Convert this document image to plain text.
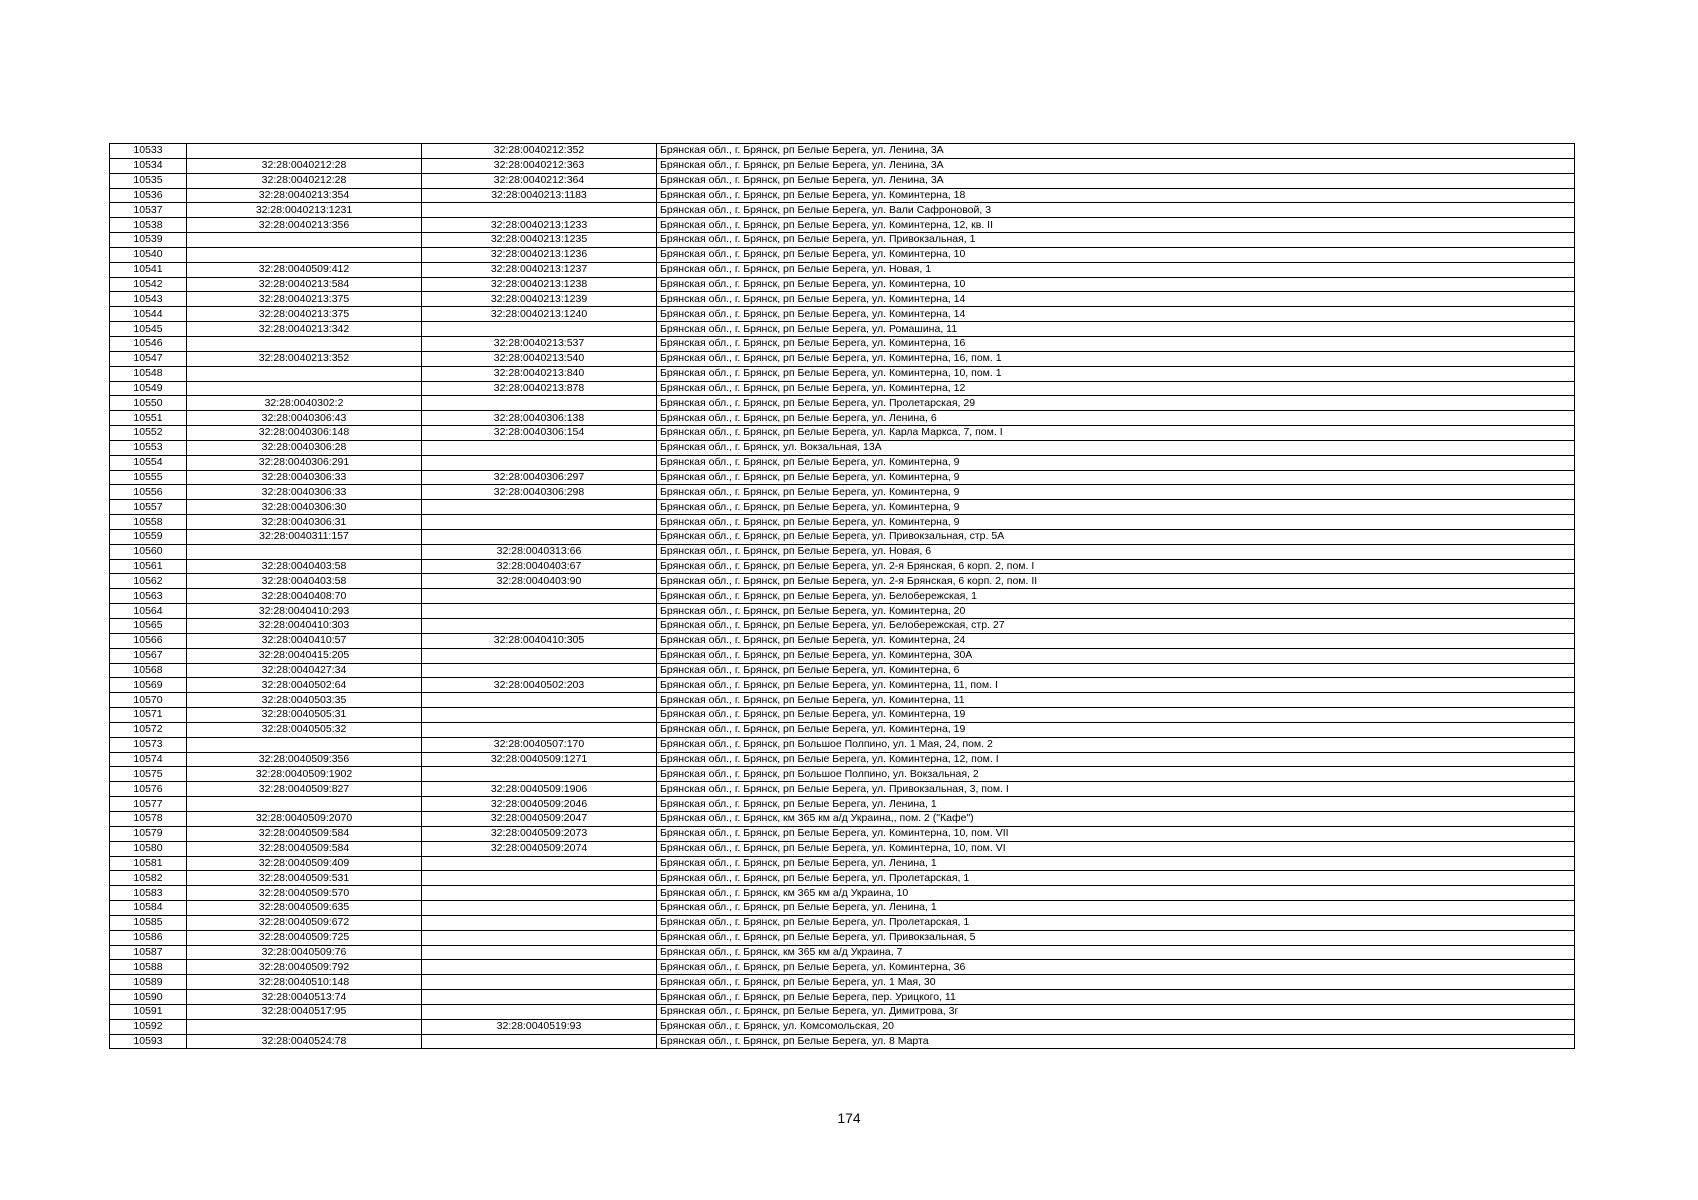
10533		32:28:0040212:352	Брянская обл., г. Брянск, рп Белые Берега, ул. Ленина, 3А
10534	32:28:0040212:28	32:28:0040212:363	Брянская обл., г. Брянск, рп Белые Берега, ул. Ленина, 3А
10535	32:28:0040212:28	32:28:0040212:364	Брянская обл., г. Брянск, рп Белые Берега, ул. Ленина, 3А
10536	32:28:0040213:354	32:28:0040213:1183	Брянская обл., г. Брянск, рп Белые Берега, ул. Коминтерна, 18
10537	32:28:0040213:1231		Брянская обл., г. Брянск, рп Белые Берега, ул. Вали Сафроновой, 3
10538	32:28:0040213:356	32:28:0040213:1233	Брянская обл., г. Брянск, рп Белые Берега, ул. Коминтерна, 12, кв. II
10539		32:28:0040213:1235	Брянская обл., г. Брянск, рп Белые Берега, ул. Привокзальная, 1
10540		32:28:0040213:1236	Брянская обл., г. Брянск, рп Белые Берега, ул. Коминтерна, 10
10541	32:28:0040509:412	32:28:0040213:1237	Брянская обл., г. Брянск, рп Белые Берега, ул. Новая, 1
10542	32:28:0040213:584	32:28:0040213:1238	Брянская обл., г. Брянск, рп Белые Берега, ул. Коминтерна, 10
10543	32:28:0040213:375	32:28:0040213:1239	Брянская обл., г. Брянск, рп Белые Берега, ул. Коминтерна, 14
10544	32:28:0040213:375	32:28:0040213:1240	Брянская обл., г. Брянск, рп Белые Берега, ул. Коминтерна, 14
10545	32:28:0040213:342		Брянская обл., г. Брянск, рп Белые Берега, ул. Ромашина, 11
10546		32:28:0040213:537	Брянская обл., г. Брянск, рп Белые Берега, ул. Коминтерна, 16
10547	32:28:0040213:352	32:28:0040213:540	Брянская обл., г. Брянск, рп Белые Берега, ул. Коминтерна, 16, пом. 1
10548		32:28:0040213:840	Брянская обл., г. Брянск, рп Белые Берега, ул. Коминтерна, 10, пом. 1
10549		32:28:0040213:878	Брянская обл., г. Брянск, рп Белые Берега, ул. Коминтерна, 12
10550	32:28:0040302:2		Брянская обл., г. Брянск, рп Белые Берега, ул. Пролетарская, 29
10551	32:28:0040306:43	32:28:0040306:138	Брянская обл., г. Брянск, рп Белые Берега, ул. Ленина, 6
10552	32:28:0040306:148	32:28:0040306:154	Брянская обл., г. Брянск, рп Белые Берега, ул. Карла Маркса, 7, пом. I
10553	32:28:0040306:28		Брянская обл., г. Брянск, ул. Вокзальная, 13А
10554	32:28:0040306:291		Брянская обл., г. Брянск, рп Белые Берега, ул. Коминтерна, 9
10555	32:28:0040306:33	32:28:0040306:297	Брянская обл., г. Брянск, рп Белые Берега, ул. Коминтерна, 9
10556	32:28:0040306:33	32:28:0040306:298	Брянская обл., г. Брянск, рп Белые Берега, ул. Коминтерна, 9
10557	32:28:0040306:30		Брянская обл., г. Брянск, рп Белые Берега, ул. Коминтерна, 9
10558	32:28:0040306:31		Брянская обл., г. Брянск, рп Белые Берега, ул. Коминтерна, 9
10559	32:28:0040311:157		Брянская обл., г. Брянск, рп Белые Берега, ул. Привокзальная, стр. 5А
10560		32:28:0040313:66	Брянская обл., г. Брянск, рп Белые Берега, ул. Новая, 6
10561	32:28:0040403:58	32:28:0040403:67	Брянская обл., г. Брянск, рп Белые Берега, ул. 2-я Брянская, 6 корп. 2, пом. I
10562	32:28:0040403:58	32:28:0040403:90	Брянская обл., г. Брянск, рп Белые Берега, ул. 2-я Брянская, 6 корп. 2, пом. II
10563	32:28:0040408:70		Брянская обл., г. Брянск, рп Белые Берега, ул. Белобережская, 1
10564	32:28:0040410:293		Брянская обл., г. Брянск, рп Белые Берега, ул. Коминтерна, 20
10565	32:28:0040410:303		Брянская обл., г. Брянск, рп Белые Берега, ул. Белобережская, стр. 27
10566	32:28:0040410:57	32:28:0040410:305	Брянская обл., г. Брянск, рп Белые Берега, ул. Коминтерна, 24
10567	32:28:0040415:205		Брянская обл., г. Брянск, рп Белые Берега, ул. Коминтерна, 30А
10568	32:28:0040427:34		Брянская обл., г. Брянск, рп Белые Берега, ул. Коминтерна, 6
10569	32:28:0040502:64	32:28:0040502:203	Брянская обл., г. Брянск, рп Белые Берега, ул. Коминтерна, 11, пом. I
10570	32:28:0040503:35		Брянская обл., г. Брянск, рп Белые Берега, ул. Коминтерна, 11
10571	32:28:0040505:31		Брянская обл., г. Брянск, рп Белые Берега, ул. Коминтерна, 19
10572	32:28:0040505:32		Брянская обл., г. Брянск, рп Белые Берега, ул. Коминтерна, 19
10573		32:28:0040507:170	Брянская обл., г. Брянск, рп Большое Полпино, ул. 1 Мая, 24, пом. 2
10574	32:28:0040509:356	32:28:0040509:1271	Брянская обл., г. Брянск, рп Белые Берега, ул. Коминтерна, 12, пом. I
10575	32:28:0040509:1902		Брянская обл., г. Брянск, рп Большое Полпино, ул. Вокзальная, 2
10576	32:28:0040509:827	32:28:0040509:1906	Брянская обл., г. Брянск, рп Белые Берега, ул. Привокзальная, 3, пом. I
10577		32:28:0040509:2046	Брянская обл., г. Брянск, рп Белые Берега, ул. Ленина, 1
10578	32:28:0040509:2070	32:28:0040509:2047	Брянская обл., г. Брянск, км 365 км а/д Украина,, пом. 2 ("Кафе")
10579	32:28:0040509:584	32:28:0040509:2073	Брянская обл., г. Брянск, рп Белые Берега, ул. Коминтерна, 10, пом. VII
10580	32:28:0040509:584	32:28:0040509:2074	Брянская обл., г. Брянск, рп Белые Берега, ул. Коминтерна, 10, пом. VI
10581	32:28:0040509:409		Брянская обл., г. Брянск, рп Белые Берега, ул. Ленина, 1
10582	32:28:0040509:531		Брянская обл., г. Брянск, рп Белые Берега, ул. Пролетарская, 1
10583	32:28:0040509:570		Брянская обл., г. Брянск, км 365 км а/д Украина, 10
10584	32:28:0040509:635		Брянская обл., г. Брянск, рп Белые Берега, ул. Ленина, 1
10585	32:28:0040509:672		Брянская обл., г. Брянск, рп Белые Берега, ул. Пролетарская, 1
10586	32:28:0040509:725		Брянская обл., г. Брянск, рп Белые Берега, ул. Привокзальная, 5
10587	32:28:0040509:76		Брянская обл., г. Брянск, км 365 км а/д Украина, 7
10588	32:28:0040509:792		Брянская обл., г. Брянск, рп Белые Берега, ул. Коминтерна, 36
10589	32:28:0040510:148		Брянская обл., г. Брянск, рп Белые Берега, ул. 1 Мая, 30
10590	32:28:0040513:74		Брянская обл., г. Брянск, рп Белые Берега, пер. Урицкого, 11
10591	32:28:0040517:95		Брянская обл., г. Брянск, рп Белые Берега, ул. Димитрова, 3г
10592		32:28:0040519:93	Брянская обл., г. Брянск, ул. Комсомольская, 20
10593	32:28:0040524:78		Брянская обл., г. Брянск, рп Белые Берега, ул. 8 Марта
174
